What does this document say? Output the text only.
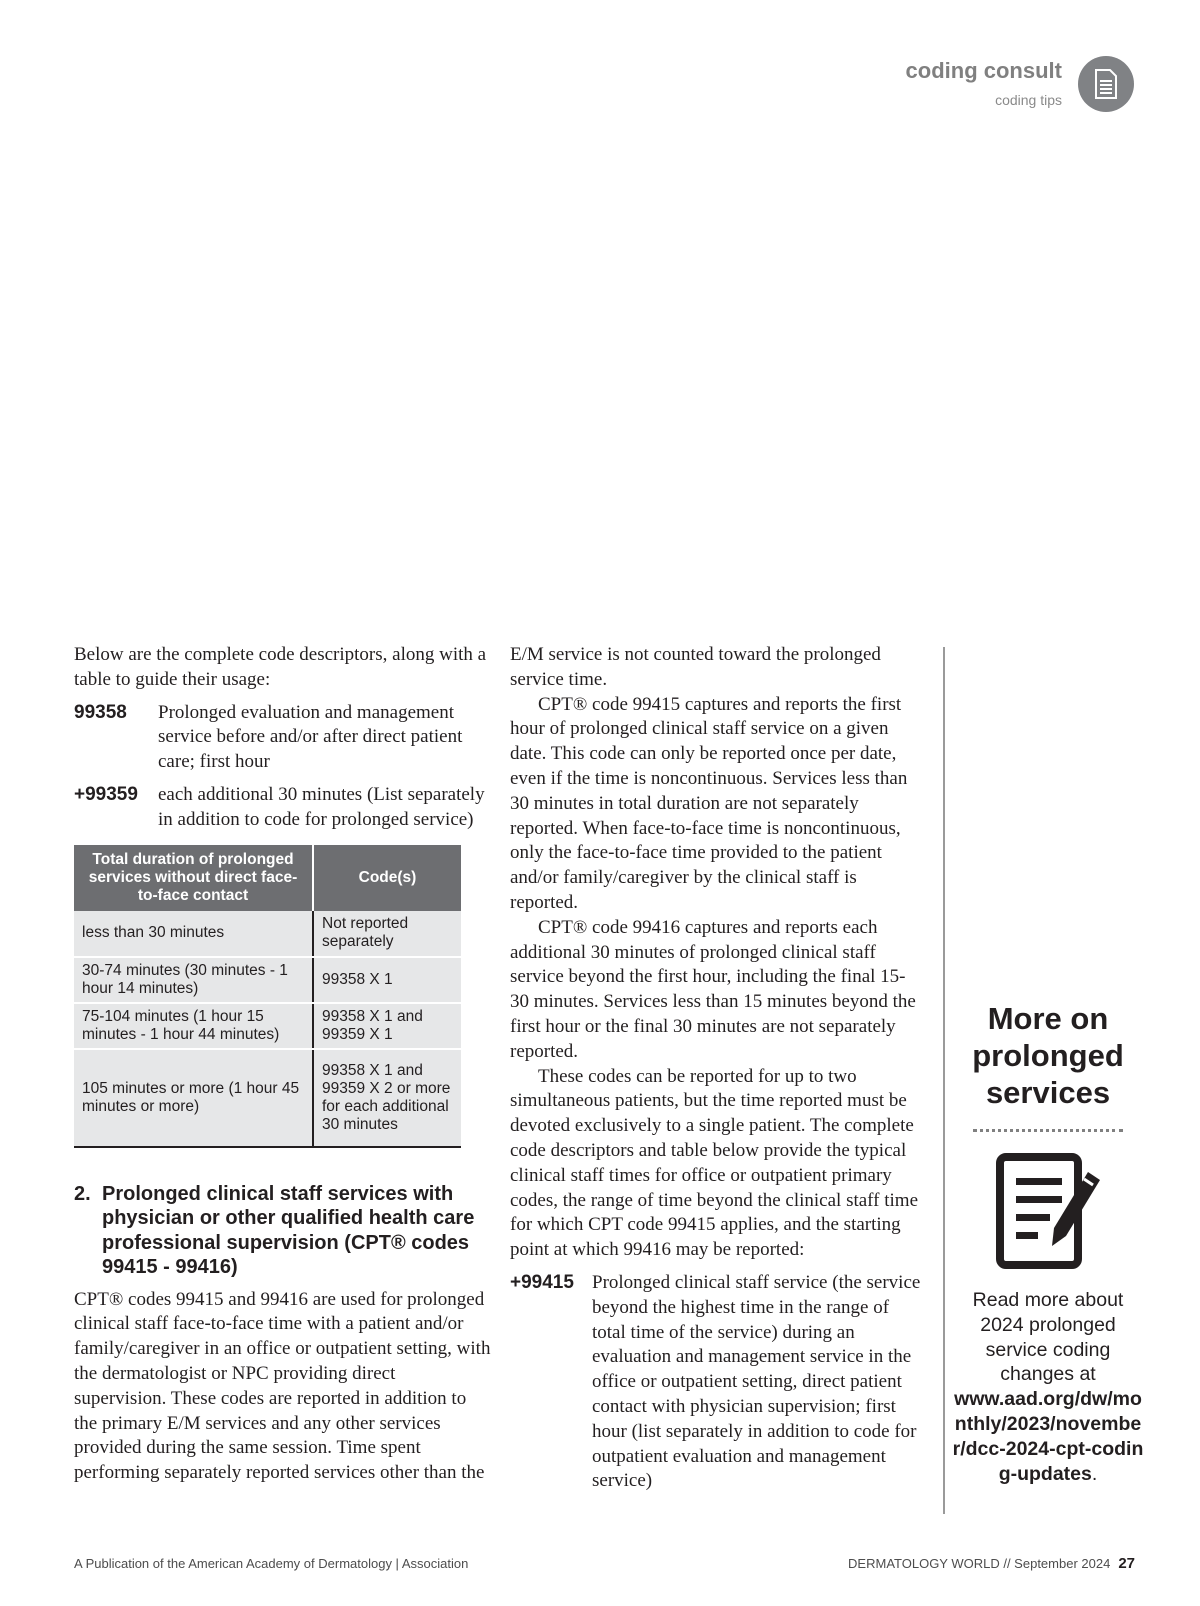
coding consult
coding tips

Below are the complete code descriptors, along with a table to guide their usage:

99358	Prolonged evaluation and management service before and/or after direct patient care; first hour
+99359	each additional 30 minutes (List separately in addition to code for prolonged service)
Total duration of prolonged services without direct face-to-face contact	Code(s)
less than 30 minutes	Not reported separately
30-74 minutes (30 minutes - 1 hour 14 minutes)	99358 X 1
75-104 minutes (1 hour 15 minutes - 1 hour 44 minutes)	99358 X 1 and 99359 X 1
105 minutes or more (1 hour 45 minutes or more)	99358 X 1 and 99359 X 2 or more for each additional 30 minutes
2. Prolonged clinical staff services with physician or other qualified health care professional supervision (CPT® codes 99415 - 99416)

CPT® codes 99415 and 99416 are used for prolonged clinical staff face-to-face time with a patient and/or family/caregiver in an office or outpatient setting, with the dermatologist or NPC providing direct supervision. These codes are reported in addition to the primary E/M services and any other services provided during the same session. Time spent performing separately reported services other than the

E/M service is not counted toward the prolonged service time.

CPT® code 99415 captures and reports the first hour of prolonged clinical staff service on a given date. This code can only be reported once per date, even if the time is noncontinuous. Services less than 30 minutes in total duration are not separately reported. When face-to-face time is noncontinuous, only the face-to-face time provided to the patient and/or family/caregiver by the clinical staff is reported.

CPT® code 99416 captures and reports each additional 30 minutes of prolonged clinical staff service beyond the first hour, including the final 15-30 minutes. Services less than 15 minutes beyond the first hour or the final 30 minutes are not separately reported.

These codes can be reported for up to two simultaneous patients, but the time reported must be devoted exclusively to a single patient. The complete code descriptors and table below provide the typical clinical staff times for office or outpatient primary codes, the range of time beyond the clinical staff time for which CPT code 99415 applies, and the starting point at which 99416 may be reported:

+99415 Prolonged clinical staff service (the service beyond the highest time in the range of total time of the service) during an evaluation and management service in the office or outpatient setting, direct patient contact with physician supervision; first hour (list separately in addition to code for outpatient evaluation and management service)
More on prolonged services
Read more about 2024 prolonged service coding changes at
www.aad.org/dw/monthly/2023/november/dcc-2024-cpt-coding-updates.
A Publication of the American Academy of Dermatology | Association	DERMATOLOGY WORLD // September 2024 27
